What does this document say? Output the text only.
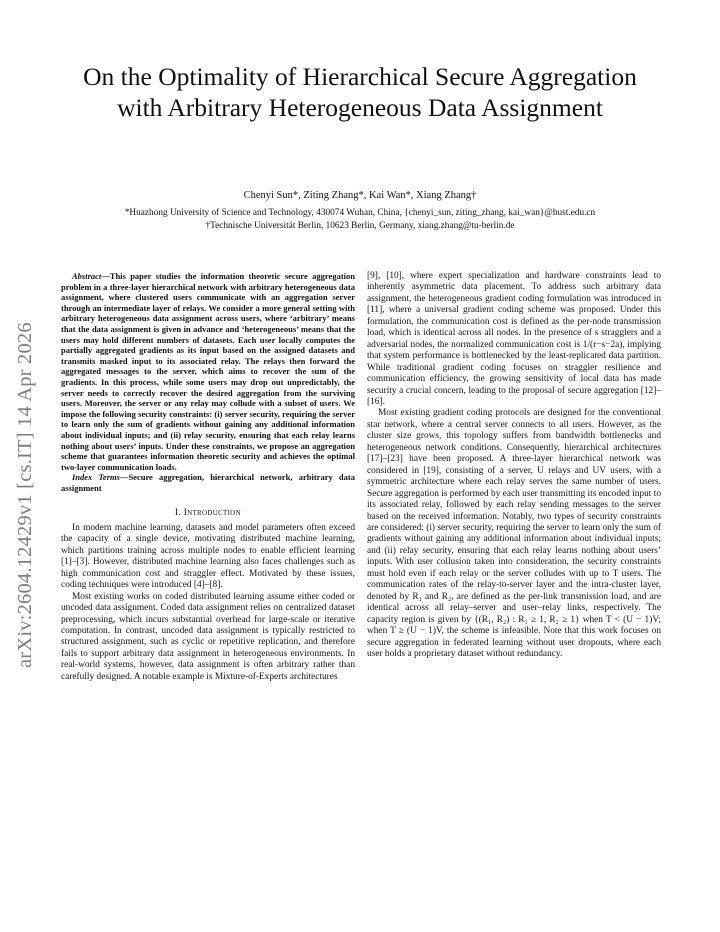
On the Optimality of Hierarchical Secure Aggregation with Arbitrary Heterogeneous Data Assignment
Chenyi Sun*, Ziting Zhang*, Kai Wan*, Xiang Zhang†
*Huazhong University of Science and Technology, 430074 Wuhan, China, {chenyi_sun, ziting_zhang, kai_wan}@hust.edu.cn
†Technische Universität Berlin, 10623 Berlin, Germany, xiang.zhang@tu-berlin.de
arXiv:2604.12429v1 [cs.IT] 14 Apr 2026

Abstract—This paper studies the information theoretic secure aggregation problem in a three-layer hierarchical network with arbitrary heterogeneous data assignment, where clustered users communicate with an aggregation server through an intermediate layer of relays. We consider a more general setting with arbitrary heterogeneous data assignment across users, where ‘arbitrary’ means that the data assignment is given in advance and ‘heterogeneous’ means that the users may hold different numbers of datasets. Each user locally computes the partially aggregated gradients as its input based on the assigned datasets and transmits masked input to its associated relay. The relays then forward the aggregated messages to the server, which aims to recover the sum of the gradients. In this process, while some users may drop out unpredictably, the server needs to correctly recover the desired aggregation from the surviving users. Moreover, the server or any relay may collude with a subset of users. We impose the following security constraints: (i) server security, requiring the server to learn only the sum of gradients without gaining any additional information about individual inputs; and (ii) relay security, ensuring that each relay learns nothing about users’ inputs. Under these constraints, we propose an aggregation scheme that guarantees information theoretic security and achieves the optimal two-layer communication loads.

Index Terms—Secure aggregation, hierarchical network, arbitrary data assignment

I. Introduction

In modern machine learning, datasets and model parameters often exceed the capacity of a single device, motivating distributed machine learning, which partitions training across multiple nodes to enable efficient learning [1]–[3]. However, distributed machine learning also faces challenges such as high communication cost and straggler effect. Motivated by these issues, coding techniques were introduced [4]–[8].

Most existing works on coded distributed learning assume either coded or uncoded data assignment. Coded data assignment relies on centralized dataset preprocessing, which incurs substantial overhead for large-scale or iterative computation. In contrast, uncoded data assignment is typically restricted to structured assignment, such as cyclic or repetitive replication, and therefore fails to support arbitrary data assignment in heterogeneous environments. In real-world systems, however, data assignment is often arbitrary rather than carefully designed. A notable example is Mixture-of-Experts architectures

[9], [10], where expert specialization and hardware constraints lead to inherently asymmetric data placement. To address such arbitrary data assignment, the heterogeneous gradient coding formulation was introduced in [11], where a universal gradient coding scheme was proposed. Under this formulation, the communication cost is defined as the per-node transmission load, which is identical across all nodes. In the presence of s stragglers and a adversarial nodes, the normalized communication cost is 1/(r−s−2a), implying that system performance is bottlenecked by the least-replicated data partition. While traditional gradient coding focuses on straggler resilience and communication efficiency, the growing sensitivity of local data has made security a crucial concern, leading to the proposal of secure aggregation [12]–[16].

Most existing gradient coding protocols are designed for the conventional star network, where a central server connects to all users. However, as the cluster size grows, this topology suffers from bandwidth bottlenecks and heterogeneous network conditions. Consequently, hierarchical architectures [17]–[23] have been proposed. A three-layer hierarchical network was considered in [19], consisting of a server, U relays and UV users, with a symmetric architecture where each relay serves the same number of users. Secure aggregation is performed by each user transmitting its encoded input to its associated relay, followed by each relay sending messages to the server based on the received information. Notably, two types of security constraints are considered: (i) server security, requiring the server to learn only the sum of gradients without gaining any additional information about individual inputs; and (ii) relay security, ensuring that each relay learns nothing about users’ inputs. With user collusion taken into consideration, the security constraints must hold even if each relay or the server colludes with up to T users. The communication rates of the relay-to-server layer and the intra-cluster layer, denoted by R₁ and R₂, are defined as the per-link transmission load, and are identical across all relay–server and user–relay links, respectively. The capacity region is given by {(R₁, R₂) : R₁ ≥ 1, R₂ ≥ 1} when T < (U − 1)V; when T ≥ (U − 1)V, the scheme is infeasible. Note that this work focuses on secure aggregation in federated learning without user dropouts, where each user holds a proprietary dataset without redundancy.
